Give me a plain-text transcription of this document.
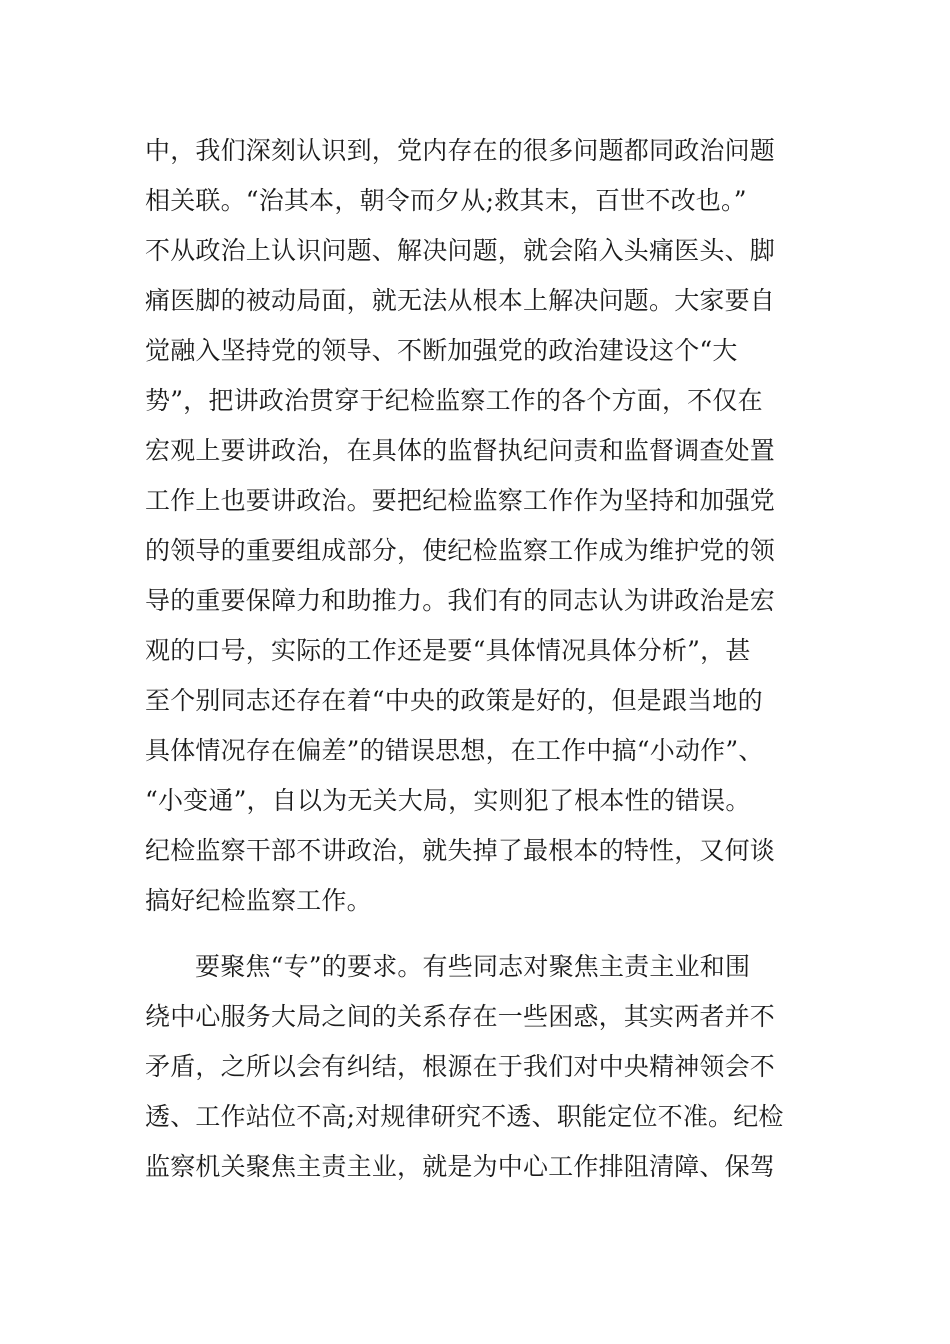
中，我们深刻认识到，党内存在的很多问题都同政治问题
相关联。“治其本，朝令而夕从;救其末，百世不改也。”
不从政治上认识问题、解决问题，就会陷入头痛医头、脚
痛医脚的被动局面，就无法从根本上解决问题。大家要自
觉融入坚持党的领导、不断加强党的政治建设这个“大
势”，把讲政治贯穿于纪检监察工作的各个方面，不仅在
宏观上要讲政治，在具体的监督执纪问责和监督调查处置
工作上也要讲政治。要把纪检监察工作作为坚持和加强党
的领导的重要组成部分，使纪检监察工作成为维护党的领
导的重要保障力和助推力。我们有的同志认为讲政治是宏
观的口号，实际的工作还是要“具体情况具体分析”，甚
至个别同志还存在着“中央的政策是好的，但是跟当地的
具体情况存在偏差”的错误思想，在工作中搞“小动作”、
“小变通”，自以为无关大局，实则犯了根本性的错误。
纪检监察干部不讲政治，就失掉了最根本的特性，又何谈
搞好纪检监察工作。
要聚焦“专”的要求。有些同志对聚焦主责主业和围
绕中心服务大局之间的关系存在一些困惑，其实两者并不
矛盾，之所以会有纠结，根源在于我们对中央精神领会不
透、工作站位不高;对规律研究不透、职能定位不准。纪检
监察机关聚焦主责主业，就是为中心工作排阻清障、保驾
